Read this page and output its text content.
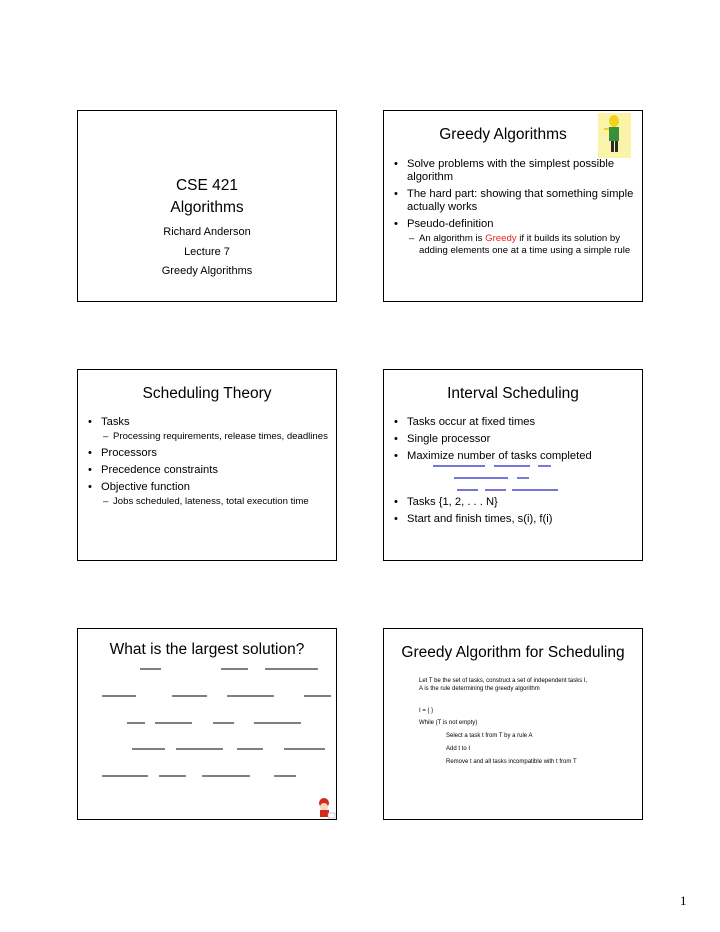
CSE 421
Algorithms
Richard Anderson
Lecture 7
Greedy Algorithms
Greedy Algorithms
• Solve problems with the simplest possible algorithm
• The hard part: showing that something simple actually works
• Pseudo-definition
– An algorithm is Greedy if it builds its solution by adding elements one at a time using a simple rule
Scheduling Theory
• Tasks
– Processing requirements, release times, deadlines
• Processors
• Precedence constraints
• Objective function
– Jobs scheduled, lateness, total execution time
Interval Scheduling
• Tasks occur at fixed times
• Single processor
• Maximize number of tasks completed
• Tasks {1, 2, . . . N}
• Start and finish times, s(i), f(i)
What is the largest solution?	Greedy Algorithm for Scheduling
Let T be the set of tasks, construct a set of independent tasks I,
A is the rule determining the greedy algorithm
I = { }
While (T is not empty)
Select a task t from T by a rule A
Add t to I
Remove t and all tasks incompatible with t from T
1
